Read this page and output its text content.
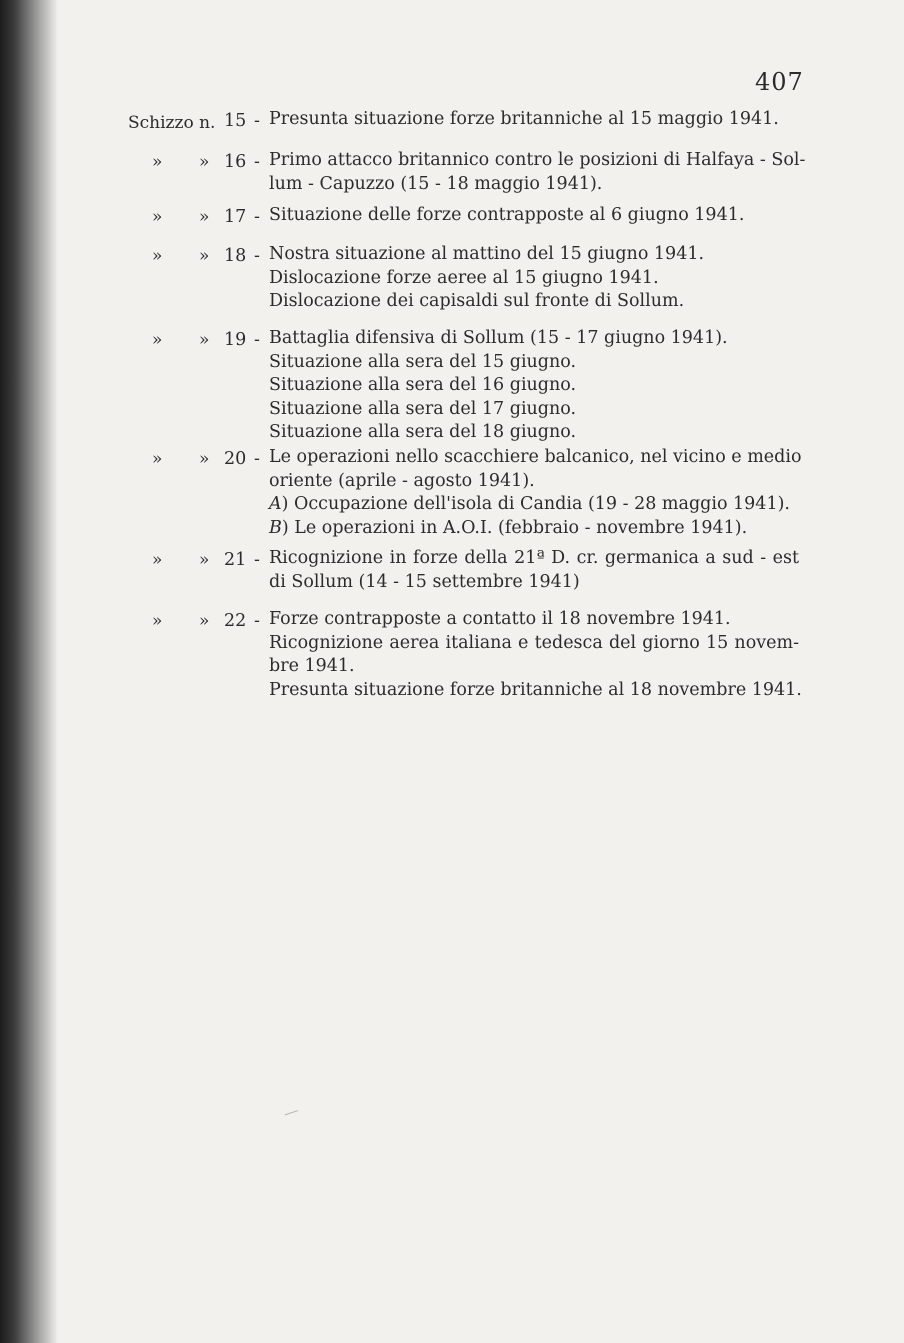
407
Schizzo n. 15 - Presunta situazione forze britanniche al 15 maggio 1941.
» » 16 - Primo attacco britannico contro le posizioni di Halfaya - Sol-
lum - Capuzzo (15 - 18 maggio 1941).
» » 17 - Situazione delle forze contrapposte al 6 giugno 1941.
» » 18 - Nostra situazione al mattino del 15 giugno 1941.
Dislocazione forze aeree al 15 giugno 1941.
Dislocazione dei capisaldi sul fronte di Sollum.
» » 19 - Battaglia difensiva di Sollum (15 - 17 giugno 1941).
Situazione alla sera del 15 giugno.
Situazione alla sera del 16 giugno.
Situazione alla sera del 17 giugno.
Situazione alla sera del 18 giugno.
» » 20 - Le operazioni nello scacchiere balcanico, nel vicino e medio
oriente (aprile - agosto 1941).
A) Occupazione dell'isola di Candia (19 - 28 maggio 1941).
B) Le operazioni in A.O.I. (febbraio - novembre 1941).
» » 21 - Ricognizione in forze della 21ª D. cr. germanica a sud - est
di Sollum (14 - 15 settembre 1941)
» » 22 - Forze contrapposte a contatto il 18 novembre 1941.
Ricognizione aerea italiana e tedesca del giorno 15 novem-
bre 1941.
Presunta situazione forze britanniche al 18 novembre 1941.
